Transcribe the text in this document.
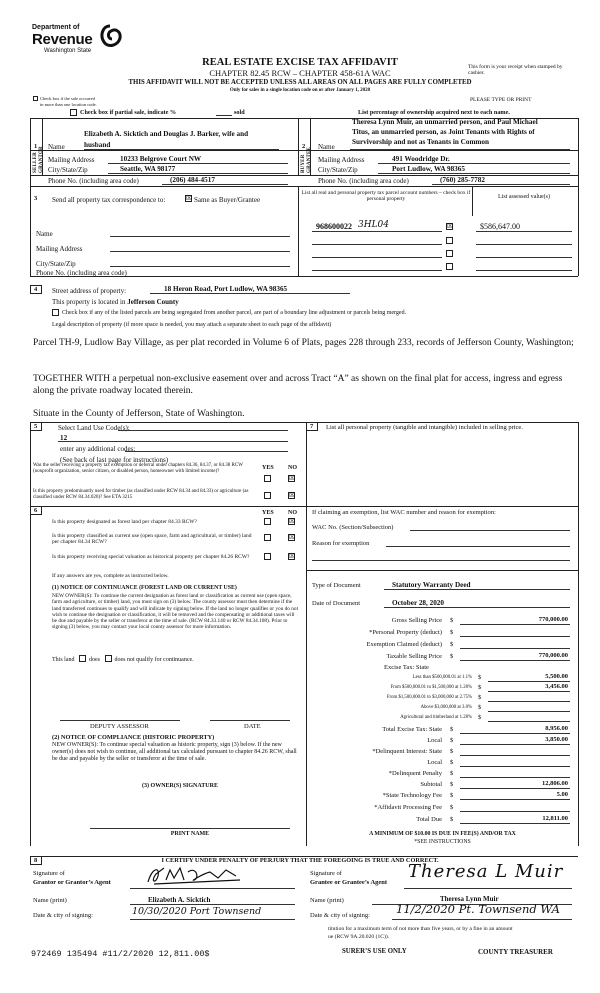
Department of
Revenue
Washington State
REAL ESTATE EXCISE TAX AFFIDAVIT
CHAPTER 82.45 RCW – CHAPTER 458-61A WAC
THIS AFFIDAVIT WILL NOT BE ACCEPTED UNLESS ALL AREAS ON ALL PAGES ARE FULLY COMPLETED
Only for sales in a single location code on or after January 1, 2020
This form is your receipt when stamped by cashier.
PLEASE TYPE OR PRINT
Check box if the sale occurred
in more than one location code.
Check box if partial sale, indicate %	sold	List percentage of ownership acquired next to each name.
1
SELLER GRANTOR Name
Elizabeth A. Sicktich and Douglas J. Barker, wife and
husband
Mailing Address	10233 Belgrove Court NW
City/State/Zip	Seattle, WA 98177
2
BUYER GRANTEE Name
Theresa Lynn Muir, an unmarried person, and Paul Michael
Titus, an unmarried person, as Joint Tenants with Rights of
Survivorship and not as Tenants in Common
Mailing Address	491 Woodridge Dr.
City/State/Zip	Port Ludlow, WA 98365
Phone No. (including area code)	(206) 484-4517	Phone No. (including area code)	(760) 285-7782
3 Send all property tax correspondence to:	☒ Same as Buyer/Grantee
Name
Mailing Address
City/State/Zip
Phone No. (including area code)
List all real and personal property tax parcel account numbers – check box if personal property	List assessed value(s)
968600022 3HL04	☒	$586,647.00
4 Street address of property:	18 Heron Road, Port Ludlow, WA 98365
This property is located in Jefferson County
Check box if any of the listed parcels are being segregated from another parcel, are part of a boundary line adjustment or parcels being merged.
Legal description of property (if more space is needed, you may attach a separate sheet to each page of the affidavit)
Parcel TH-9, Ludlow Bay Village, as per plat recorded in Volume 6 of Plats, pages 228 through 233, records of Jefferson County, Washington;
TOGETHER WITH a perpetual non-exclusive easement over and across Tract “A” as shown on the final plat for access, ingress and egress along the private roadway located therein.
Situate in the County of Jefferson, State of Washington.
5	Select Land Use Code(s):
12
enter any additional codes:
(See back of last page for instructions)
YES NO
Was the seller receiving a property tax exemption or deferral under chapters 84.36, 84.37, or 84.38 RCW (nonprofit organization, senior citizen, or disabled person, homeowner with limited income)?
☒
Is this property predominantly used for timber (as classified under RCW 84.34 and 84.33) or agriculture (as classified under RCW 84.34.020)? See ETA 3215	☒
7 List all personal property (tangible and intangible) included in selling price.
6	YES NO
Is this property designated as forest land per chapter 84.33 RCW?	☒
Is this property classified as current use (open space, farm and agricultural, or timber) land per chapter 84.34 RCW?
☒
Is this property receiving special valuation as historical property per chapter 84.26 RCW?	☒
If any answers are yes, complete as instructed below.
(1) NOTICE OF CONTINUANCE (FOREST LAND OR CURRENT USE)
NEW OWNER(S): To continue the current designation as forest land or classification as current use (open space, farm and agriculture, or timber) land, you must sign on (3) below. The county assessor must then determine if the land transferred continues to qualify and will indicate by signing below. If the land no longer qualifies or you do not wish to continue the designation or classification, it will be removed and the compensating or additional taxes will be due and payable by the seller or transferor at the time of sale. (RCW 84.33.140 or RCW 84.34.108). Prior to signing (3) below, you may contact your local county assessor for more information.
This land does does not qualify for continuance.
DEPUTY ASSESSOR	DATE
(2) NOTICE OF COMPLIANCE (HISTORIC PROPERTY)
NEW OWNER(S): To continue special valuation as historic property, sign (3) below. If the new owner(s) does not wish to continue, all additional tax calculated pursuant to chapter 84.26 RCW, shall be due and payable by the seller or transferor at the time of sale.
(3) OWNER(S) SIGNATURE
PRINT NAME
If claiming an exemption, list WAC number and reason for exemption:
WAC No. (Section/Subsection)
Reason for exemption
Type of Document	Statutory Warranty Deed
Date of Document	October 28, 2020
Gross Selling Price $	770,000.00
*Personal Property (deduct) $
Exemption Claimed (deduct) $
Taxable Selling Price $	770,000.00
Excise Tax: State
Less than $500,000.01 at 1.1% $	5,500.00
From $500,000.01 to $1,500,000 at 1.28% $	3,456.00
From $1,500,000.01 to $3,000,000 at 2.75% $
Above $3,000,000 at 3.0% $
Agricultural and timberland at 1.28% $
Total Excise Tax: State $	8,956.00
Local $	3,850.00
*Delinquent Interest: State $
Local $
*Delinquent Penalty $
Subtotal $	12,806.00
*State Technology Fee $	5.00
*Affidavit Processing Fee $
Total Due $	12,811.00
A MINIMUM OF $10.00 IS DUE IN FEE(S) AND/OR TAX
*SEE INSTRUCTIONS
8	I CERTIFY UNDER PENALTY OF PERJURY THAT THE FOREGOING IS TRUE AND CORRECT.
Signature of
Grantor or Grantor’s Agent
Name (print)	Elizabeth A. Sicktich
Date & city of signing:	10/30/2020 Port Townsend
Signature of
Grantee or Grantee’s Agent
Theresa L Muir
Name (print)	Theresa Lynn Muir
Date & city of signing: 11/2/2020 Pt. Townsend WA
titution for a maximum term of not more than five years, or by a fine in an amount
ue (RCW 9A.20.020 (1C)).
972469 135494 #11/2/2020 12,811.00$	SURER’S USE ONLY	COUNTY TREASURER
